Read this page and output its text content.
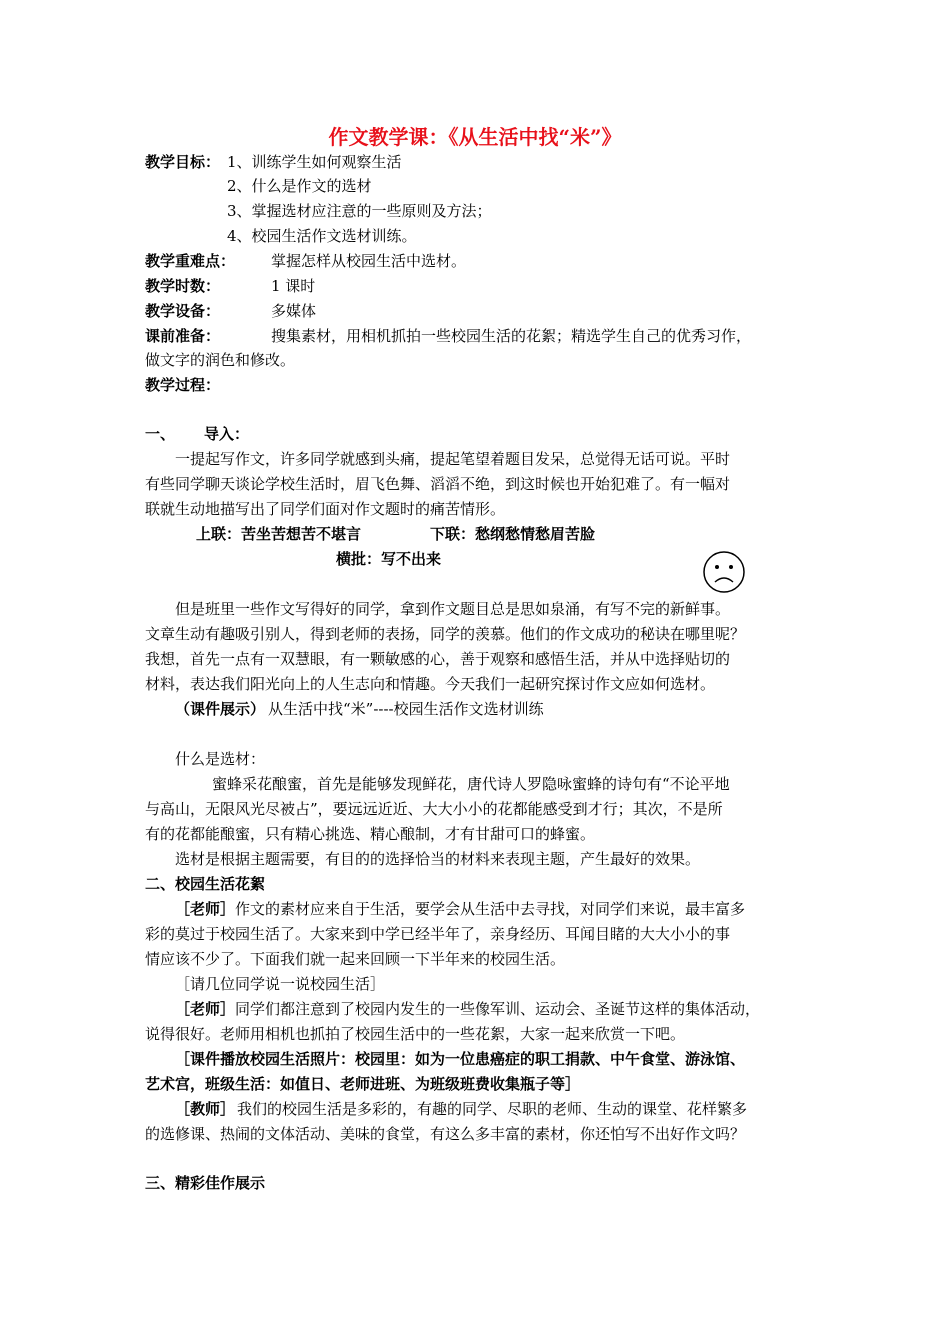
作文教学课：《从生活中找“米”》
教学目标： 1、训练学生如何观察生活
2、什么是作文的选材
3、掌握选材应注意的一些原则及方法；
4、校园生活作文选材训练。
教学重难点： 掌握怎样从校园生活中选材。
教学时数：	1 课时
教学设备：	多媒体
课前准备：	搜集素材，用相机抓拍一些校园生活的花絮；精选学生自己的优秀习作，
做文字的润色和修改。
教学过程：
一、 导入：
一提起写作文，许多同学就感到头痛，提起笔望着题目发呆，总觉得无话可说。平时
有些同学聊天谈论学校生活时，眉飞色舞、滔滔不绝，到这时候也开始犯难了。有一幅对
联就生动地描写出了同学们面对作文题时的痛苦情形。
上联：苦坐苦想苦不堪言	下联：愁纲愁情愁眉苦脸
横批：写不出来
但是班里一些作文写得好的同学，拿到作文题目总是思如泉涌，有写不完的新鲜事。
文章生动有趣吸引别人，得到老师的表扬，同学的羡慕。他们的作文成功的秘诀在哪里呢？
我想，首先一点有一双慧眼，有一颗敏感的心，善于观察和感悟生活，并从中选择贴切的
材料，表达我们阳光向上的人生志向和情趣。今天我们一起研究探讨作文应如何选材。
（课件展示） 从生活中找“米”----校园生活作文选材训练
什么是选材：
蜜蜂采花酿蜜，首先是能够发现鲜花，唐代诗人罗隐咏蜜蜂的诗句有“不论平地
与高山，无限风光尽被占”，要远远近近、大大小小的花都能感受到才行；其次，不是所
有的花都能酿蜜，只有精心挑选、精心酿制，才有甘甜可口的蜂蜜。
选材是根据主题需要，有目的的选择恰当的材料来表现主题，产生最好的效果。
二、校园生活花絮
［老师］ 作文的素材应来自于生活，要学会从生活中去寻找，对同学们来说，最丰富多
彩的莫过于校园生活了。大家来到中学已经半年了，亲身经历、耳闻目睹的大大小小的事
情应该不少了。下面我们就一起来回顾一下半年来的校园生活。
［请几位同学说一说校园生活］
［老师］ 同学们都注意到了校园内发生的一些像军训、运动会、圣诞节这样的集体活动，
说得很好。老师用相机也抓拍了校园生活中的一些花絮，大家一起来欣赏一下吧。
［课件播放校园生活照片：校园里：如为一位患癌症的职工捐款、中午食堂、游泳馆、
艺术宫，班级生活：如值日、老师进班、为班级班费收集瓶子等］
［教师］ 我们的校园生活是多彩的，有趣的同学、尽职的老师、生动的课堂、花样繁多
的选修课、热闹的文体活动、美味的食堂，有这么多丰富的素材，你还怕写不出好作文吗？
三、精彩佳作展示
